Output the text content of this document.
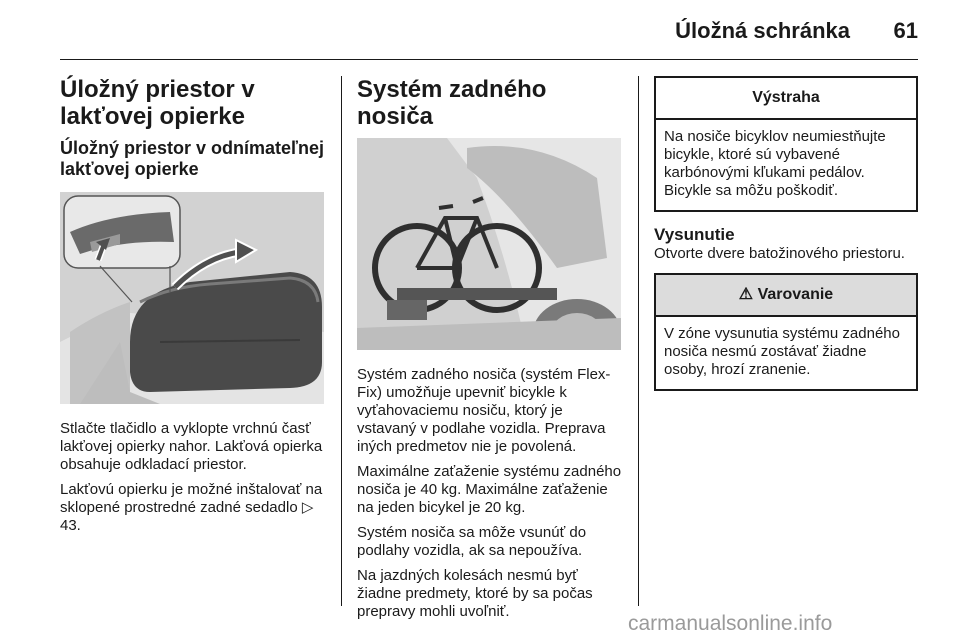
Úložná schránka	61
Úložný priestor v lakťovej opierke
Úložný priestor v odnímateľnej lakťovej opierke

Stlačte tlačidlo a vyklopte vrchnú časť lakťovej opierky nahor. Lakťová opierka obsahuje odkladací priestor.

Lakťovú opierku je možné inštalovať na sklopené prostredné zadné sedadlo ▷ 43.

Systém zadného nosiča

Systém zadného nosiča (systém Flex-Fix) umožňuje upevniť bicykle k vyťahovaciemu nosiču, ktorý je vstavaný v podlahe vozidla. Preprava iných predmetov nie je povolená.

Maximálne zaťaženie systému zadného nosiča je 40 kg. Maximálne zaťaženie na jeden bicykel je 20 kg.

Systém nosiča sa môže vsunúť do podlahy vozidla, ak sa nepoužíva.

Na jazdných kolesách nesmú byť žiadne predmety, ktoré by sa počas prepravy mohli uvoľniť.

Výstraha
Na nosiče bicyklov neumiestňujte bicykle, ktoré sú vybavené karbónovými kľukami pedálov. Bicykle sa môžu poškodiť.
Vysunutie

Otvorte dvere batožinového priestoru.

⚠ Varovanie
V zóne vysunutia systému zadného nosiča nesmú zostávať žiadne osoby, hrozí zranenie.
carmanualsonline.info
